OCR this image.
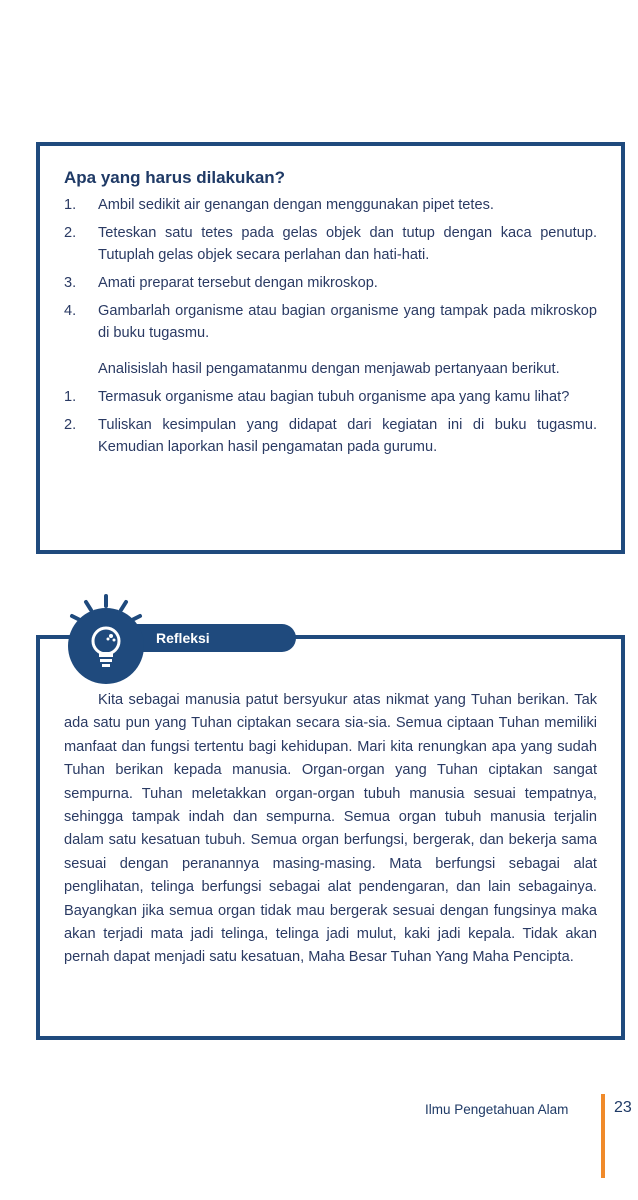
Apa yang harus dilakukan?
1. Ambil sedikit air genangan dengan menggunakan pipet tetes.
2. Teteskan satu tetes pada gelas objek dan tutup dengan kaca penutup. Tutuplah gelas objek secara perlahan dan hati-hati.
3. Amati preparat tersebut dengan mikroskop.
4. Gambarlah organisme atau bagian organisme yang tampak pada mikroskop di buku tugasmu.

Analisislah hasil pengamatanmu dengan menjawab pertanyaan berikut.

1. Termasuk organisme atau bagian tubuh organisme apa yang kamu lihat?
2. Tuliskan kesimpulan yang didapat dari kegiatan ini di buku tugasmu. Kemudian laporkan hasil pengamatan pada gurumu.

Kita sebagai manusia patut bersyukur atas nikmat yang Tuhan berikan. Tak ada satu pun yang Tuhan ciptakan secara sia-sia. Semua ciptaan Tuhan memiliki manfaat dan fungsi tertentu bagi kehidupan. Mari kita renungkan apa yang sudah Tuhan berikan kepada manusia. Organ-organ yang Tuhan ciptakan sangat sempurna. Tuhan meletakkan organ-organ tubuh manusia sesuai tempatnya, sehingga tampak indah dan sempurna. Semua organ tubuh manusia terjalin dalam satu kesatuan tubuh. Semua organ berfungsi, bergerak, dan bekerja sama sesuai dengan peranannya masing-masing. Mata berfungsi sebagai alat penglihatan, telinga berfungsi sebagai alat pendengaran, dan lain sebagainya. Bayangkan jika semua organ tidak mau bergerak sesuai dengan fungsinya maka akan terjadi mata jadi telinga, telinga jadi mulut, kaki jadi kepala. Tidak akan pernah dapat menjadi satu kesatuan, Maha Besar Tuhan Yang Maha Pencipta.

Refleksi
Ilmu Pengetahuan Alam	23
